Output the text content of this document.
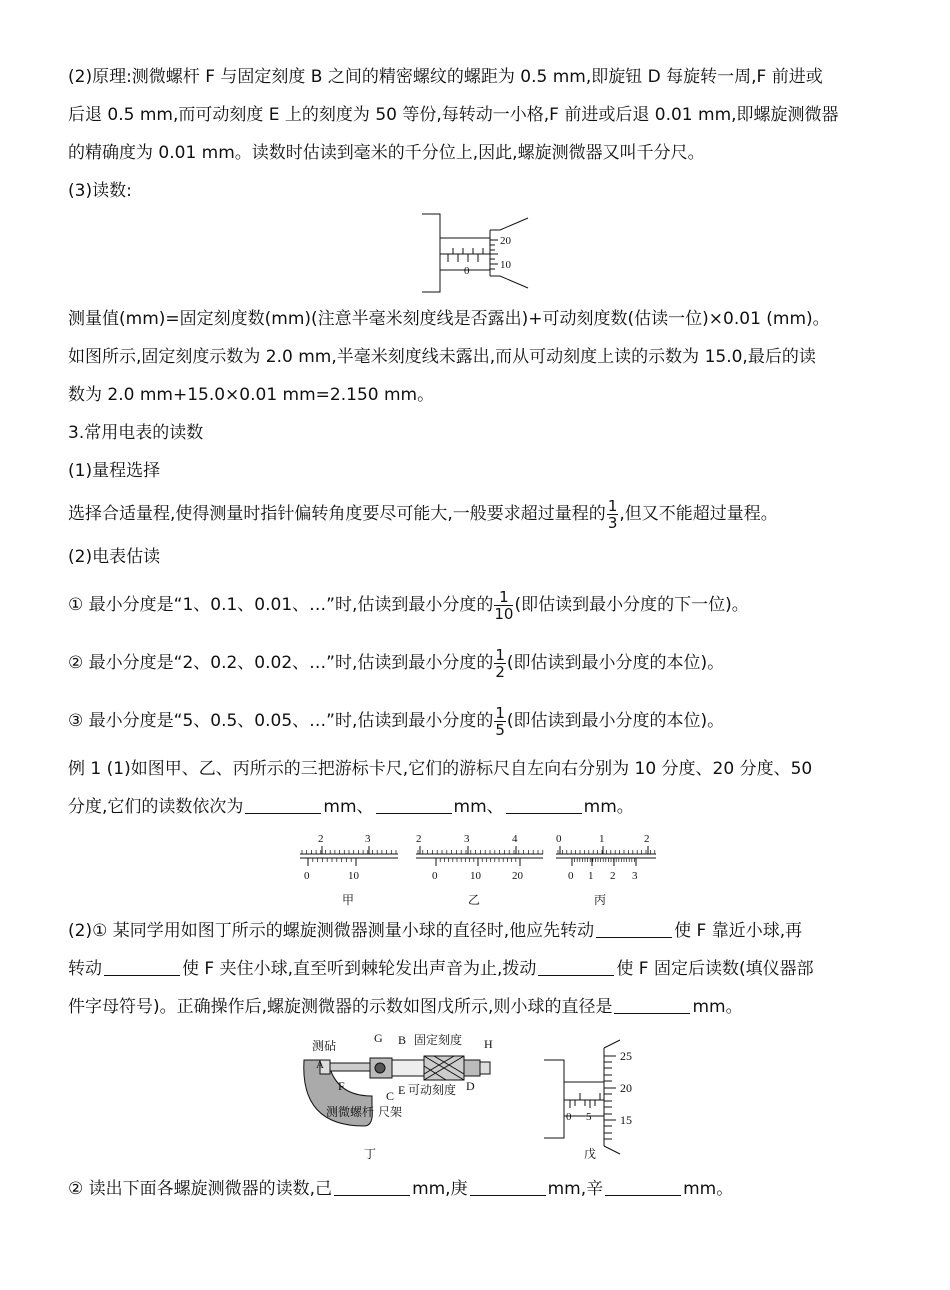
(2)原理:测微螺杆 F 与固定刻度 B 之间的精密螺纹的螺距为 0.5 mm,即旋钮 D 每旋转一周,F 前进或

后退 0.5 mm,而可动刻度 E 上的刻度为 50 等份,每转动一小格,F 前进或后退 0.01 mm,即螺旋测微器

的精确度为 0.01 mm。读数时估读到毫米的千分位上,因此,螺旋测微器又叫千分尺。

(3)读数:

20
10
0

测量值(mm)=固定刻度数(mm)(注意半毫米刻度线是否露出)+可动刻度数(估读一位)×0.01 (mm)。

如图所示,固定刻度示数为 2.0 mm,半毫米刻度线未露出,而从可动刻度上读的示数为 15.0,最后的读

数为 2.0 mm+15.0×0.01 mm=2.150 mm。

3.常用电表的读数

(1)量程选择

选择合适量程,使得测量时指针偏转角度要尽可能大,一般要求超过量程的 $\frac{1}{3}$ ,但又不能超过量程。

(2)电表估读

① 最小分度是“1、0.1、0.01、…”时,估读到最小分度的 $\frac{1}{10}$ (即估读到最小分度的下一位)。

② 最小分度是“2、0.2、0.02、…”时,估读到最小分度的 $\frac{1}{2}$ (即估读到最小分度的本位)。

③ 最小分度是“5、0.5、0.05、…”时,估读到最小分度的 $\frac{1}{5}$ (即估读到最小分度的本位)。

例 1 (1)如图甲、乙、丙所示的三把游标卡尺,它们的游标尺自左向右分别为 10 分度、20 分度、50

分度,它们的读数依次为	mm、	mm、	mm。

2	3
0	10
甲
2	3	4
0	10	20
乙
0	1	2
0 1 2 3
丙

(2)① 某同学用如图丁所示的螺旋测微器测量小球的直径时,他应先转动	使 F 靠近小球,再

转动	使 F 夹住小球,直至听到棘轮发出声音为止,拨动	使 F 固定后读数(填仪器部

件字母符号)。正确操作后,螺旋测微器的示数如图戊所示,则小球的直径是	mm。

测砧
A
G B 固定刻度 H
F
C E 可动刻度 D
测微螺杆 尺架
丁
25
20
15
0 5
戊

② 读出下面各螺旋测微器的读数,己	mm,庚	mm,辛	mm。
